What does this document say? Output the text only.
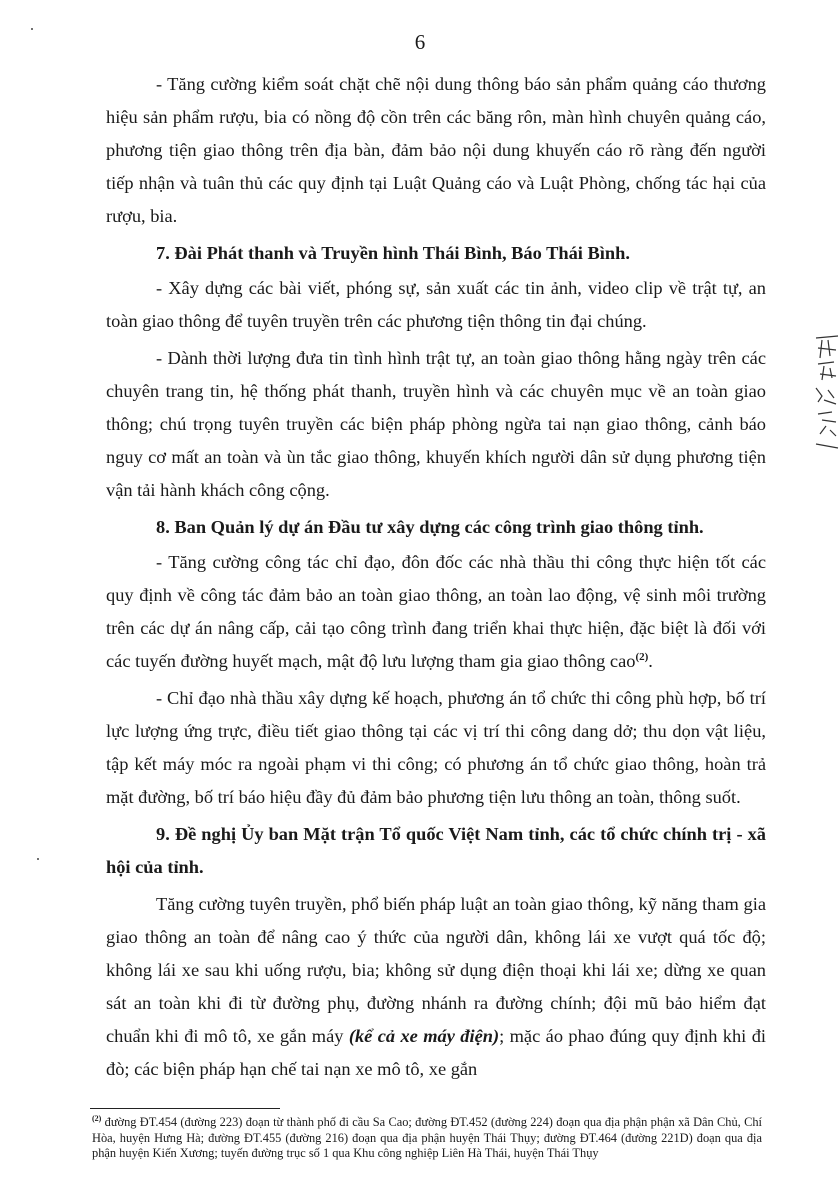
6

- Tăng cường kiểm soát chặt chẽ nội dung thông báo sản phẩm quảng cáo thương hiệu sản phẩm rượu, bia có nồng độ cồn trên các băng rôn, màn hình chuyên quảng cáo, phương tiện giao thông trên địa bàn, đảm bảo nội dung khuyến cáo rõ ràng đến người tiếp nhận và tuân thủ các quy định tại Luật Quảng cáo và Luật Phòng, chống tác hại của rượu, bia.

7. Đài Phát thanh và Truyền hình Thái Bình, Báo Thái Bình.

- Xây dựng các bài viết, phóng sự, sản xuất các tin ảnh, video clip về trật tự, an toàn giao thông để tuyên truyền trên các phương tiện thông tin đại chúng.

- Dành thời lượng đưa tin tình hình trật tự, an toàn giao thông hằng ngày trên các chuyên trang tin, hệ thống phát thanh, truyền hình và các chuyên mục về an toàn giao thông; chú trọng tuyên truyền các biện pháp phòng ngừa tai nạn giao thông, cảnh báo nguy cơ mất an toàn và ùn tắc giao thông, khuyến khích người dân sử dụng phương tiện vận tải hành khách công cộng.

8. Ban Quản lý dự án Đầu tư xây dựng các công trình giao thông tỉnh.

- Tăng cường công tác chỉ đạo, đôn đốc các nhà thầu thi công thực hiện tốt các quy định về công tác đảm bảo an toàn giao thông, an toàn lao động, vệ sinh môi trường trên các dự án nâng cấp, cải tạo công trình đang triển khai thực hiện, đặc biệt là đối với các tuyến đường huyết mạch, mật độ lưu lượng tham gia giao thông cao$^{(2)}$.

- Chỉ đạo nhà thầu xây dựng kế hoạch, phương án tổ chức thi công phù hợp, bố trí lực lượng ứng trực, điều tiết giao thông tại các vị trí thi công dang dở; thu dọn vật liệu, tập kết máy móc ra ngoài phạm vi thi công; có phương án tổ chức giao thông, hoàn trả mặt đường, bố trí báo hiệu đầy đủ đảm bảo phương tiện lưu thông an toàn, thông suốt.

9. Đề nghị Ủy ban Mặt trận Tổ quốc Việt Nam tỉnh, các tổ chức chính trị - xã hội của tỉnh.

Tăng cường tuyên truyền, phổ biến pháp luật an toàn giao thông, kỹ năng tham gia giao thông an toàn để nâng cao ý thức của người dân, không lái xe vượt quá tốc độ; không lái xe sau khi uống rượu, bia; không sử dụng điện thoại khi lái xe; dừng xe quan sát an toàn khi đi từ đường phụ, đường nhánh ra đường chính; đội mũ bảo hiểm đạt chuẩn khi đi mô tô, xe gắn máy (kể cả xe máy điện); mặc áo phao đúng quy định khi đi đò; các biện pháp hạn chế tai nạn xe mô tô, xe gắn

$^{(2)}$ đường ĐT.454 (đường 223) đoạn từ thành phố đi cầu Sa Cao; đường ĐT.452 (đường 224) đoạn qua địa phận phận xã Dân Chủ, Chí Hòa, huyện Hưng Hà; đường ĐT.455 (đường 216) đoạn qua địa phận huyện Thái Thụy; đường ĐT.464 (đường 221D) đoạn qua địa phận huyện Kiến Xương; tuyến đường trục số 1 qua Khu công nghiệp Liên Hà Thái, huyện Thái Thụy
